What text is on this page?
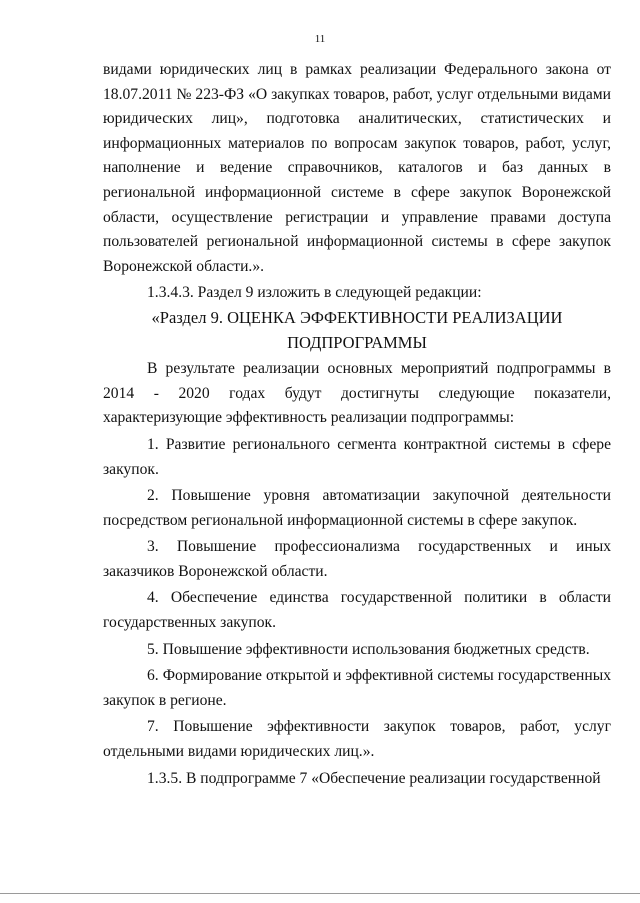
11

видами юридических лиц в рамках реализации Федерального закона от 18.07.2011 № 223-ФЗ «О закупках товаров, работ, услуг отдельными видами юридических лиц», подготовка аналитических, статистических и информационных материалов по вопросам закупок товаров, работ, услуг, наполнение и ведение справочников, каталогов и баз данных в региональной информационной системе в сфере закупок Воронежской области, осуществление регистрации и управление правами доступа пользователей региональной информационной системы в сфере закупок Воронежской области.».

1.3.4.3. Раздел 9 изложить в следующей редакции:

«Раздел 9. ОЦЕНКА ЭФФЕКТИВНОСТИ РЕАЛИЗАЦИИ

ПОДПРОГРАММЫ

В результате реализации основных мероприятий подпрограммы в 2014 - 2020 годах будут достигнуты следующие показатели, характеризующие эффективность реализации подпрограммы:

1. Развитие регионального сегмента контрактной системы в сфере закупок.

2. Повышение уровня автоматизации закупочной деятельности посредством региональной информационной системы в сфере закупок.

3. Повышение профессионализма государственных и иных заказчиков Воронежской области.

4. Обеспечение единства государственной политики в области государственных закупок.

5. Повышение эффективности использования бюджетных средств.

6. Формирование открытой и эффективной системы государственных закупок в регионе.

7. Повышение эффективности закупок товаров, работ, услуг отдельными видами юридических лиц.».

1.3.5. В подпрограмме 7 «Обеспечение реализации государственной
